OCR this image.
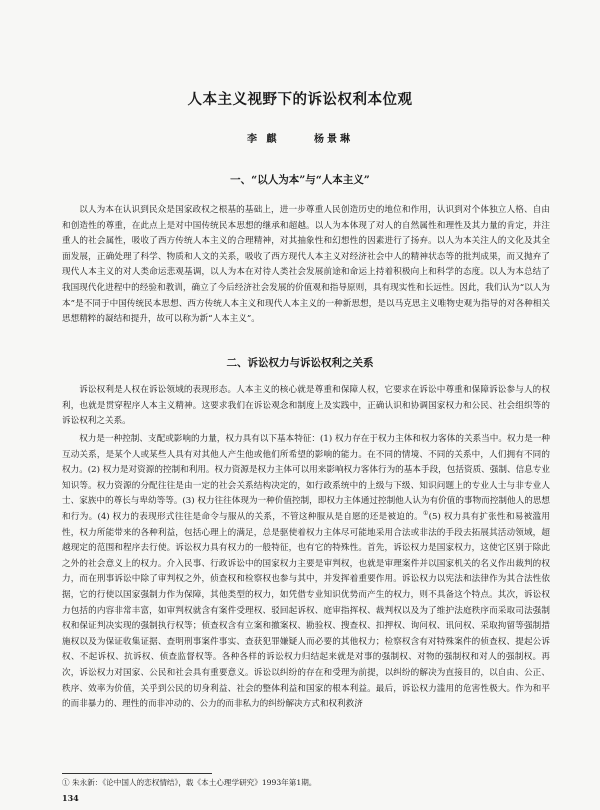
人本主义视野下的诉讼权利本位观
李 麒	杨景琳
一、“以人为本”与“人本主义”

以人为本在认识到民众是国家政权之根基的基础上，进一步尊重人民创造历史的地位和作用，认识到对个体独立人格、自由和创造性的尊重，在此点上是对中国传统民本思想的继承和超越。以人为本体现了对人的自然属性和理性及其力量的肯定，并注重人的社会属性，吸收了西方传统人本主义的合理精神，对其抽象性和幻想性的因素进行了扬弃。以人为本关注人的文化及其全面发展，正确处理了科学、物质和人文的关系，吸收了西方现代人本主义对经济社会中人的精神状态等的批判成果，而又抛弃了现代人本主义的对人类命运悲观基调，以人为本在对待人类社会发展前途和命运上持着积极向上和科学的态度。以人为本总结了我国现代化进程中的经验和教训，确立了今后经济社会发展的价值观和指导原则，具有现实性和长远性。因此，我们认为“以人为本”是不同于中国传统民本思想、西方传统人本主义和现代人本主义的一种新思想，是以马克思主义唯物史观为指导的对各种相关思想精粹的凝结和提升，故可以称为新“人本主义”。

二、诉讼权力与诉讼权利之关系

诉讼权利是人权在诉讼领域的表现形态。人本主义的核心就是尊重和保障人权，它要求在诉讼中尊重和保障诉讼参与人的权利，也就是贯穿程序人本主义精神。这要求我们在诉讼观念和制度上及实践中，正确认识和协调国家权力和公民、社会组织等的诉讼权利之关系。

权力是一种控制、支配或影响的力量，权力具有以下基本特征：(1) 权力存在于权力主体和权力客体的关系当中。权力是一种互动关系，是某个人或某些人具有对其他人产生他或他们所希望的影响的能力。在不同的情境、不同的关系中，人们拥有不同的权力。(2) 权力是对资源的控制和利用。权力资源是权力主体可以用来影响权力客体行为的基本手段，包括资质、强制、信息专业知识等。权力资源的分配往往是由一定的社会关系结构决定的，如行政系统中的上级与下级、知识问题上的专业人士与非专业人士、家族中的尊长与卑幼等等。(3) 权力往往体现为一种价值控制，即权力主体通过控制他人认为有价值的事物而控制他人的思想和行为。(4) 权力的表现形式往往是命令与服从的关系，不管这种服从是自愿的还是被迫的。①(5) 权力具有扩张性和易被滥用性，权力所能带来的各种利益，包括心理上的满足，总是驱使着权力主体尽可能地采用合法或非法的手段去拓展其活动领域，超越现定的范围和程序去行使。诉讼权力具有权力的一般特征，也有它的特殊性。首先，诉讼权力是国家权力，这使它区别于除此之外的社会意义上的权力。介入民事、行政诉讼中的国家权力主要是审判权，也就是审理案件并以国家机关的名义作出裁判的权力，而在刑事诉讼中除了审判权之外，侦查权和检察权也参与其中，并发挥着重要作用。诉讼权力以宪法和法律作为其合法性依据，它的行使以国家强制力作为保障，其他类型的权力，如凭借专业知识优势而产生的权力，则不具备这个特点。其次，诉讼权力包括的内容非常丰富，如审判权就含有案件受理权、驳回起诉权、庭审指挥权、裁判权以及为了维护法庭秩序而采取司法强制权和保证判决实现的强制执行权等；侦查权含有立案和撤案权、勘验权、搜查权、扣押权、询问权、讯问权、采取拘留等强制措施权以及为保证收集证据、查明刑事案件事实、查获犯罪嫌疑人而必要的其他权力；检察权含有对特殊案件的侦查权、提起公诉权、不起诉权、抗诉权、侦查监督权等。各种各样的诉讼权力归结起来就是对事的强制权、对物的强制权和对人的强制权。再次，诉讼权力对国家、公民和社会具有重要意义。诉讼以纠纷的存在和受理为前提，以纠纷的解决为直接目的，以自由、公正、秩序、效率为价值，关乎到公民的切身利益、社会的整体利益和国家的根本利益。最后，诉讼权力滥用的危害性极大。作为和平的而非暴力的、理性的而非冲动的、公力的而非私力的纠纷解决方式和权利救济

① 朱永新：《论中国人的恋权情结》，载《本土心理学研究》1993年第1期。
134
